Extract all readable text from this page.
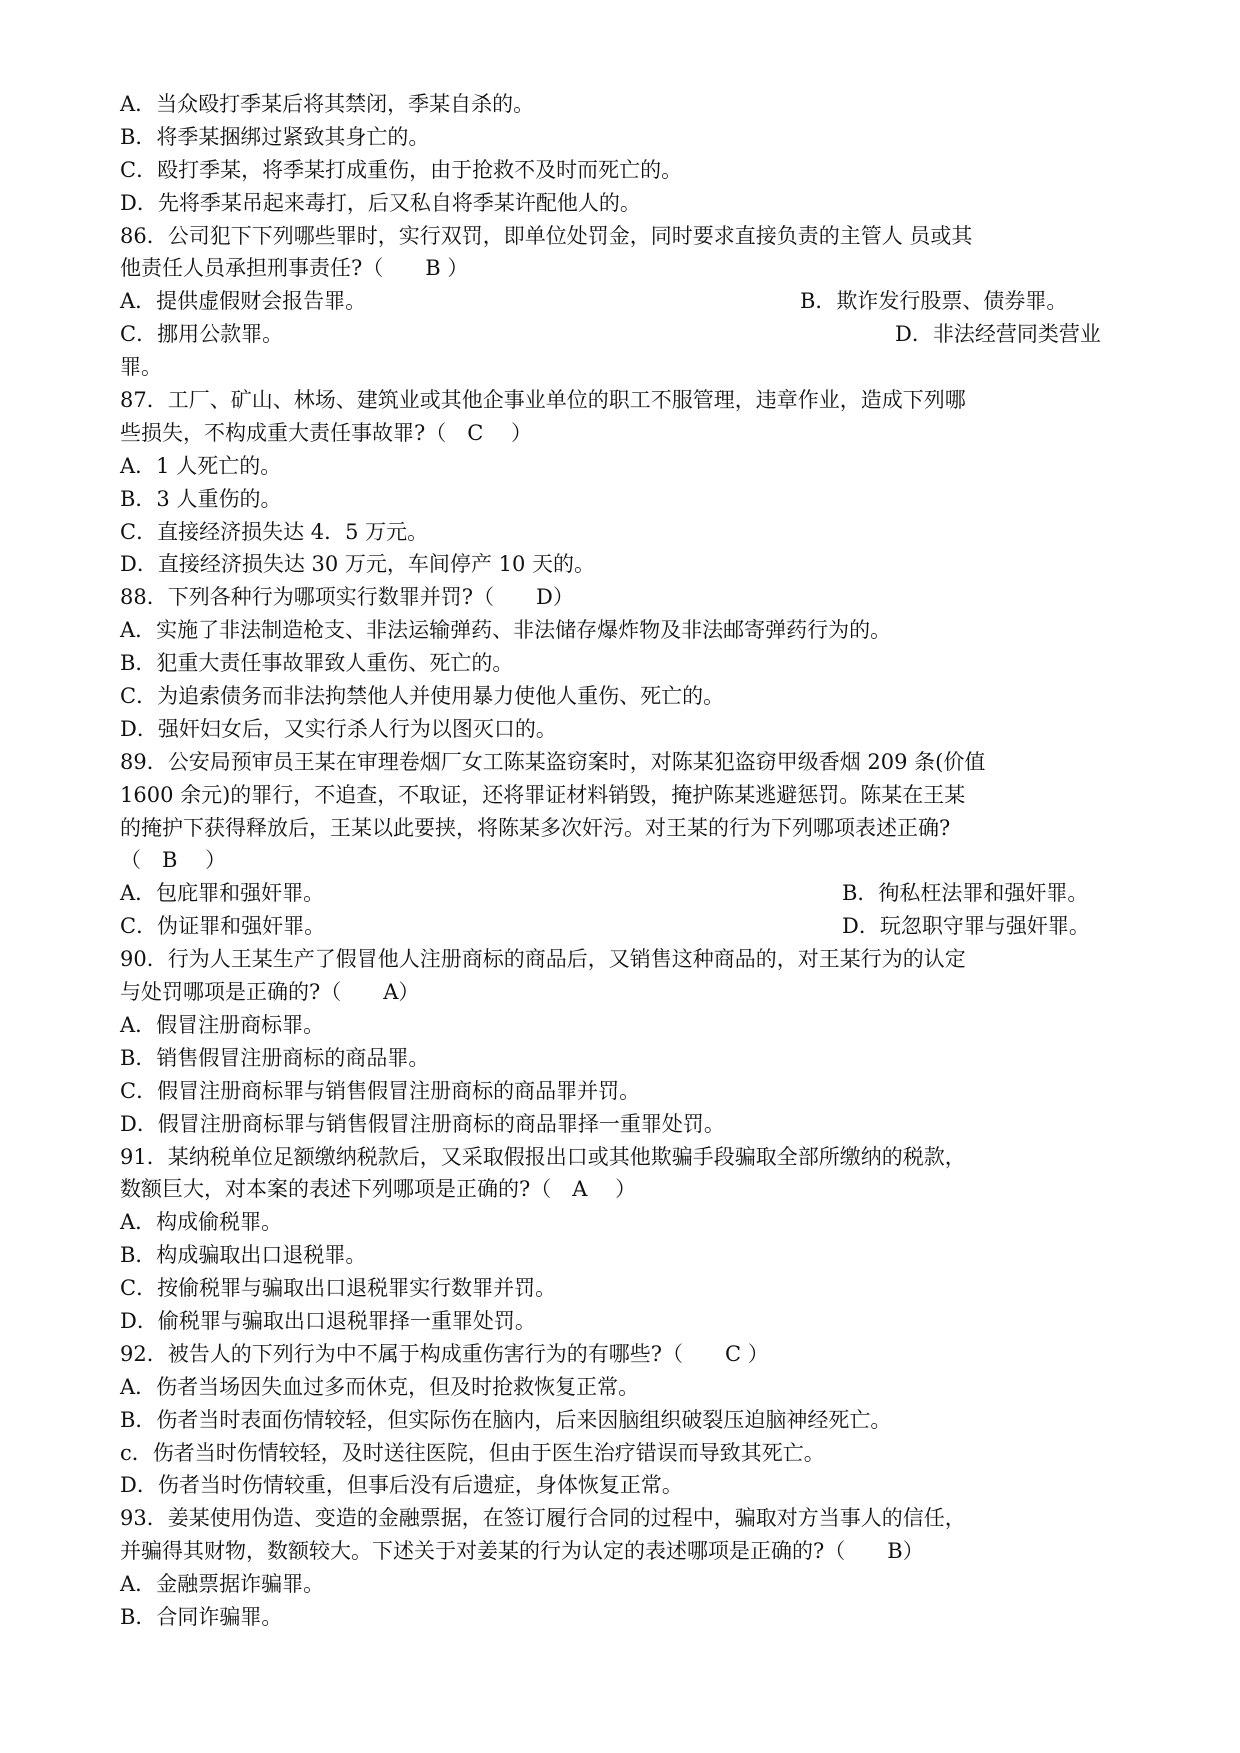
A．当众殴打季某后将其禁闭，季某自杀的。
B．将季某捆绑过紧致其身亡的。
C．殴打季某，将季某打成重伤，由于抢救不及时而死亡的。
D．先将季某吊起来毒打，后又私自将季某许配他人的。
86．公司犯下下列哪些罪时，实行双罚，即单位处罚金，同时要求直接负责的主管人 员或其
他责任人员承担刑事责任?（　　B ）
A．提供虚假财会报告罪。	B．欺诈发行股票、债券罪。
C．挪用公款罪。	D．非法经营同类营业
罪。
87．工厂、矿山、林场、建筑业或其他企事业单位的职工不服管理，违章作业，造成下列哪
些损失，不构成重大责任事故罪?（　C　 ）
A．1 人死亡的。
B．3 人重伤的。
C．直接经济损失达 4．5 万元。
D．直接经济损失达 30 万元，车间停产 10 天的。
88．下列各种行为哪项实行数罪并罚?（　　D）
A．实施了非法制造枪支、非法运输弹药、非法储存爆炸物及非法邮寄弹药行为的。
B．犯重大责任事故罪致人重伤、死亡的。
C．为追索债务而非法拘禁他人并使用暴力使他人重伤、死亡的。
D．强奸妇女后，又实行杀人行为以图灭口的。
89．公安局预审员王某在审理卷烟厂女工陈某盗窃案时，对陈某犯盗窃甲级香烟 209 条(价值
1600 余元)的罪行，不追查，不取证，还将罪证材料销毁，掩护陈某逃避惩罚。陈某在王某
的掩护下获得释放后，王某以此要挟，将陈某多次奸污。对王某的行为下列哪项表述正确?
（　B　 ）
A．包庇罪和强奸罪。	B．徇私枉法罪和强奸罪。
C．伪证罪和强奸罪。	D．玩忽职守罪与强奸罪。
90．行为人王某生产了假冒他人注册商标的商品后，又销售这种商品的，对王某行为的认定
与处罚哪项是正确的?（　　A）
A．假冒注册商标罪。
B．销售假冒注册商标的商品罪。
C．假冒注册商标罪与销售假冒注册商标的商品罪并罚。
D．假冒注册商标罪与销售假冒注册商标的商品罪择一重罪处罚。
91．某纳税单位足额缴纳税款后，又采取假报出口或其他欺骗手段骗取全部所缴纳的税款，
数额巨大，对本案的表述下列哪项是正确的?（　A　 ）
A．构成偷税罪。
B．构成骗取出口退税罪。
C．按偷税罪与骗取出口退税罪实行数罪并罚。
D．偷税罪与骗取出口退税罪择一重罪处罚。
92．被告人的下列行为中不属于构成重伤害行为的有哪些?（　　C ）
A．伤者当场因失血过多而休克，但及时抢救恢复正常。
B．伤者当时表面伤情较轻，但实际伤在脑内，后来因脑组织破裂压迫脑神经死亡。
c．伤者当时伤情较轻，及时送往医院，但由于医生治疗错误而导致其死亡。
D．伤者当时伤情较重，但事后没有后遗症，身体恢复正常。
93．姜某使用伪造、变造的金融票据，在签订履行合同的过程中，骗取对方当事人的信任，
并骗得其财物，数额较大。下述关于对姜某的行为认定的表述哪项是正确的?（　　B）
A．金融票据诈骗罪。
B．合同诈骗罪。
